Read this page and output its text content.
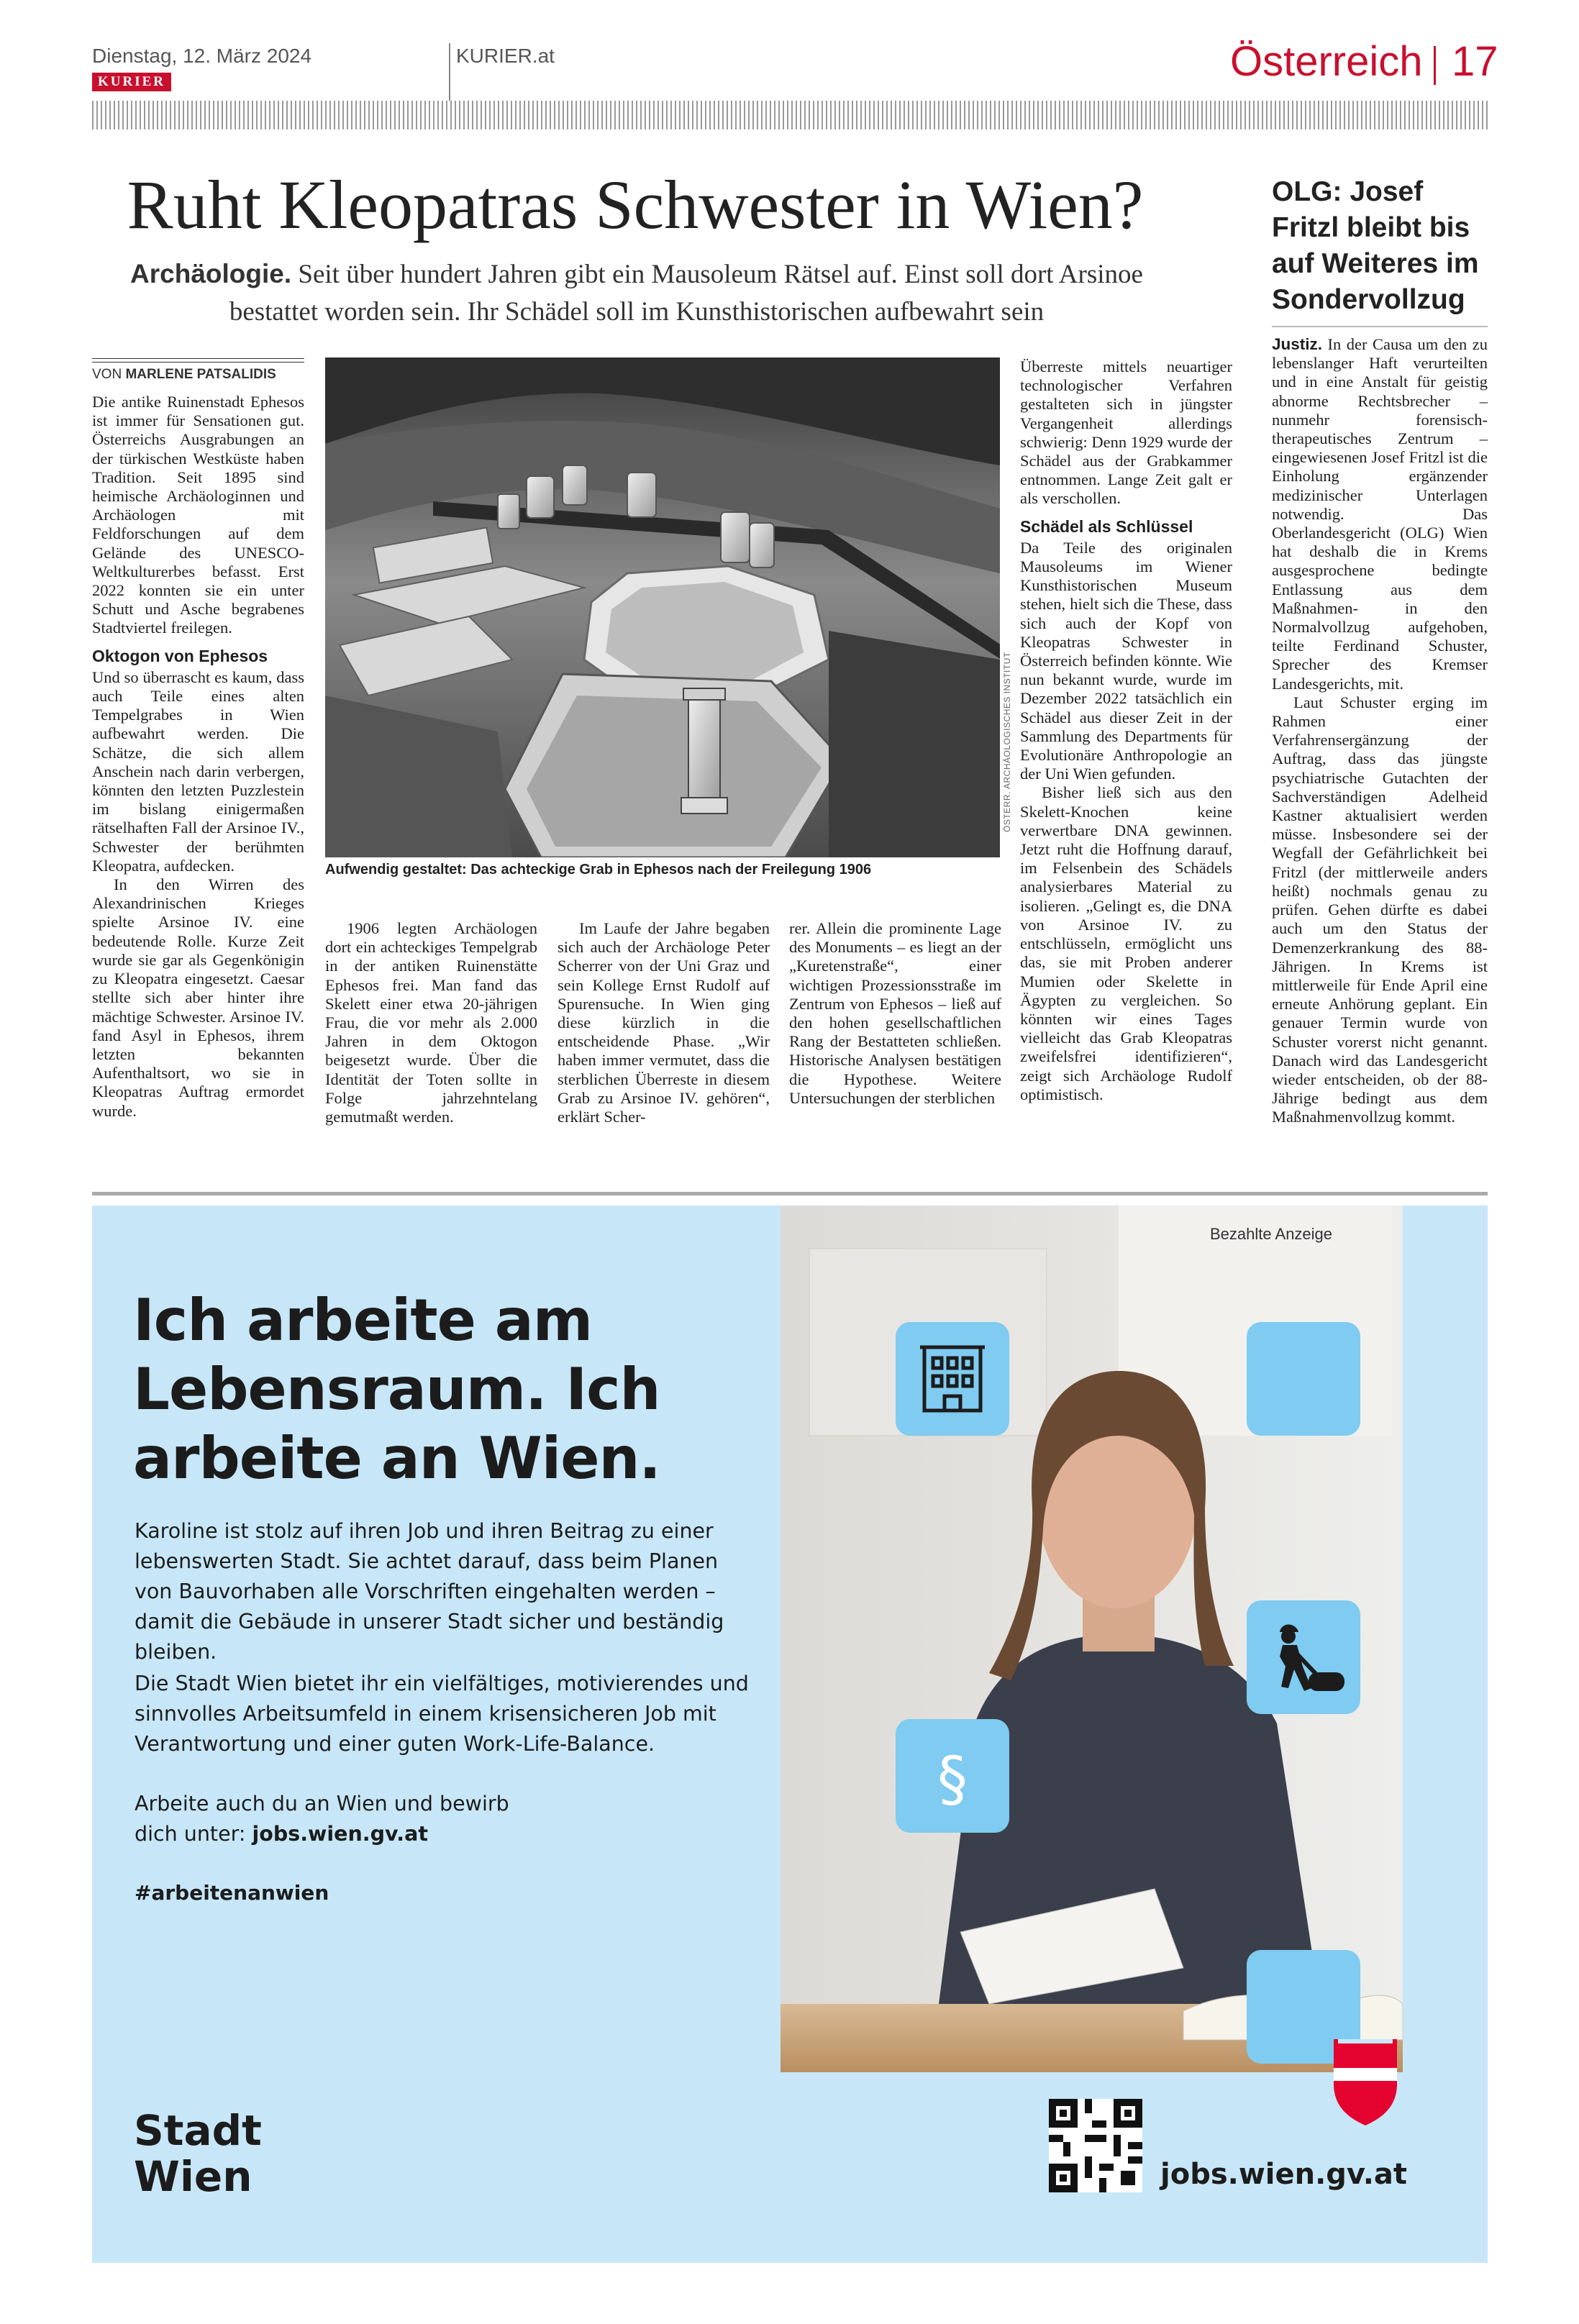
Dienstag, 12. März 2024
KURIER
KURIER.at	Österreich 17
Ruht Kleopatras Schwester in Wien?
Archäologie. Seit über hundert Jahren gibt ein Mausoleum Rätsel auf. Einst soll dort Arsinoe bestattet worden sein. Ihr Schädel soll im Kunsthistorischen aufbewahrt sein
VON MARLENE PATSALIDIS

Die antike Ruinenstadt Ephesos ist immer für Sensationen gut. Österreichs Ausgrabungen an der türkischen Westküste haben Tradition. Seit 1895 sind heimische Archäologinnen und Archäologen mit Feldforschungen auf dem Gelände des UNESCO-Weltkulturerbes befasst. Erst 2022 konnten sie ein unter Schutt und Asche begrabenes Stadtviertel freilegen.

Oktogon von Ephesos

Und so überrascht es kaum, dass auch Teile eines alten Tempelgrabes in Wien aufbewahrt werden. Die Schätze, die sich allem Anschein nach darin verbergen, könnten den letzten Puzzlestein im bislang einigermaßen rätselhaften Fall der Arsinoe IV., Schwester der berühmten Kleopatra, aufdecken.

In den Wirren des Alexandrinischen Krieges spielte Arsinoe IV. eine bedeutende Rolle. Kurze Zeit wurde sie gar als Gegenkönigin zu Kleopatra eingesetzt. Caesar stellte sich aber hinter ihre mächtige Schwester. Arsinoe IV. fand Asyl in Ephesos, ihrem letzten bekannten Aufenthaltsort, wo sie in Kleopatras Auftrag ermordet wurde.

ÖSTERR. ARCHÄOLOGISCHES INSTITUT
Aufwendig gestaltet: Das achteckige Grab in Ephesos nach der Freilegung 1906

1906 legten Archäologen dort ein achteckiges Tempelgrab in der antiken Ruinenstätte Ephesos frei. Man fand das Skelett einer etwa 20-jährigen Frau, die vor mehr als 2.000 Jahren in dem Oktogon beigesetzt wurde. Über die Identität der Toten sollte in Folge jahrzehntelang gemutmaßt werden.

Im Laufe der Jahre begaben sich auch der Archäologe Peter Scherrer von der Uni Graz und sein Kollege Ernst Rudolf auf Spurensuche. In Wien ging diese kürzlich in die entscheidende Phase. „Wir haben immer vermutet, dass die sterblichen Überreste in diesem Grab zu Arsinoe IV. gehören“, erklärt Scher-

rer. Allein die prominente Lage des Monuments – es liegt an der „Kuretenstraße“, einer wichtigen Prozessionsstraße im Zentrum von Ephesos – ließ auf den hohen gesellschaftlichen Rang der Bestatteten schließen. Historische Analysen bestätigen die Hypothese. Weitere Untersuchungen der sterblichen

Überreste mittels neuartiger technologischer Verfahren gestalteten sich in jüngster Vergangenheit allerdings schwierig: Denn 1929 wurde der Schädel aus der Grabkammer entnommen. Lange Zeit galt er als verschollen.

Schädel als Schlüssel

Da Teile des originalen Mausoleums im Wiener Kunsthistorischen Museum stehen, hielt sich die These, dass sich auch der Kopf von Kleopatras Schwester in Österreich befinden könnte. Wie nun bekannt wurde, wurde im Dezember 2022 tatsächlich ein Schädel aus dieser Zeit in der Sammlung des Departments für Evolutionäre Anthropologie an der Uni Wien gefunden.

Bisher ließ sich aus den Skelett-Knochen keine verwertbare DNA gewinnen. Jetzt ruht die Hoffnung darauf, im Felsenbein des Schädels analysierbares Material zu isolieren. „Gelingt es, die DNA von Arsinoe IV. zu entschlüsseln, ermöglicht uns das, sie mit Proben anderer Mumien oder Skelette in Ägypten zu vergleichen. So könnten wir eines Tages vielleicht das Grab Kleopatras zweifelsfrei identifizieren“, zeigt sich Archäologe Rudolf optimistisch.

OLG: Josef Fritzl bleibt bis auf Weiteres im Sondervollzug

Justiz. In der Causa um den zu lebenslanger Haft verurteilten und in eine Anstalt für geistig abnorme Rechtsbrecher – nunmehr forensisch-therapeutisches Zentrum – eingewiesenen Josef Fritzl ist die Einholung ergänzender medizinischer Unterlagen notwendig. Das Oberlandesgericht (OLG) Wien hat deshalb die in Krems ausgesprochene bedingte Entlassung aus dem Maßnahmen- in den Normalvollzug aufgehoben, teilte Ferdinand Schuster, Sprecher des Kremser Landesgerichts, mit.

Laut Schuster erging im Rahmen einer Verfahrensergänzung der Auftrag, dass das jüngste psychiatrische Gutachten der Sachverständigen Adelheid Kastner aktualisiert werden müsse. Insbesondere sei der Wegfall der Gefährlichkeit bei Fritzl (der mittlerweile anders heißt) nochmals genau zu prüfen. Gehen dürfte es dabei auch um den Status der Demenzerkrankung des 88-Jährigen. In Krems ist mittlerweile für Ende April eine erneute Anhörung geplant. Ein genauer Termin wurde von Schuster vorerst nicht genannt. Danach wird das Landesgericht wieder entscheiden, ob der 88-Jährige bedingt aus dem Maßnahmenvollzug kommt.

Bezahlte Anzeige
§
Ich arbeite am Lebensraum. Ich arbeite an Wien.
Karoline ist stolz auf ihren Job und ihren Beitrag zu einer lebenswerten Stadt. Sie achtet darauf, dass beim Planen von Bauvorhaben alle Vorschriften eingehalten werden – damit die Gebäude in unserer Stadt sicher und beständig bleiben.
Die Stadt Wien bietet ihr ein vielfältiges, motivierendes und sinnvolles Arbeitsumfeld in einem krisensicheren Job mit Verantwortung und einer guten Work-Life-Balance.
Arbeite auch du an Wien und bewirb dich unter: jobs.wien.gv.at
#arbeitenanwien
Stadt
Wien	jobs.wien.gv.at
